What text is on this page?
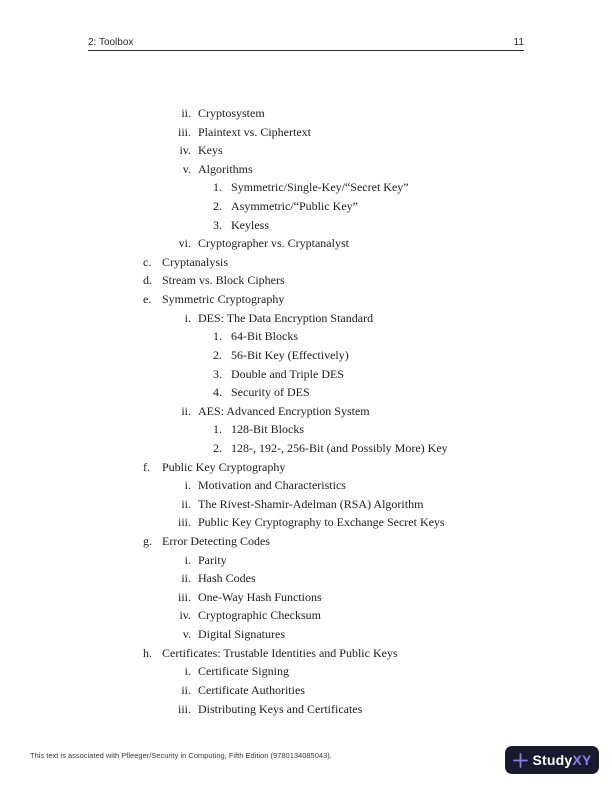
2: Toolbox	11
ii. Cryptosystem
iii. Plaintext vs. Ciphertext
iv. Keys
v. Algorithms
1. Symmetric/Single-Key/“Secret Key”
2. Asymmetric/“Public Key”
3. Keyless
vi. Cryptographer vs. Cryptanalyst
c. Cryptanalysis
d. Stream vs. Block Ciphers
e. Symmetric Cryptography
i. DES: The Data Encryption Standard
1. 64-Bit Blocks
2. 56-Bit Key (Effectively)
3. Double and Triple DES
4. Security of DES
ii. AES: Advanced Encryption System
1. 128-Bit Blocks
2. 128-, 192-, 256-Bit (and Possibly More) Key
f.	Public Key Cryptography
i. Motivation and Characteristics
ii. The Rivest-Shamir-Adelman (RSA) Algorithm
iii. Public Key Cryptography to Exchange Secret Keys
g. Error Detecting Codes
i. Parity
ii. Hash Codes
iii. One-Way Hash Functions
iv. Cryptographic Checksum
v. Digital Signatures
h. Certificates: Trustable Identities and Public Keys
i. Certificate Signing
ii. Certificate Authorities
iii. Distributing Keys and Certificates
This text is associated with Pfleeger/Security in Computing, Fifth Edition (9780134085043).	Study XY
